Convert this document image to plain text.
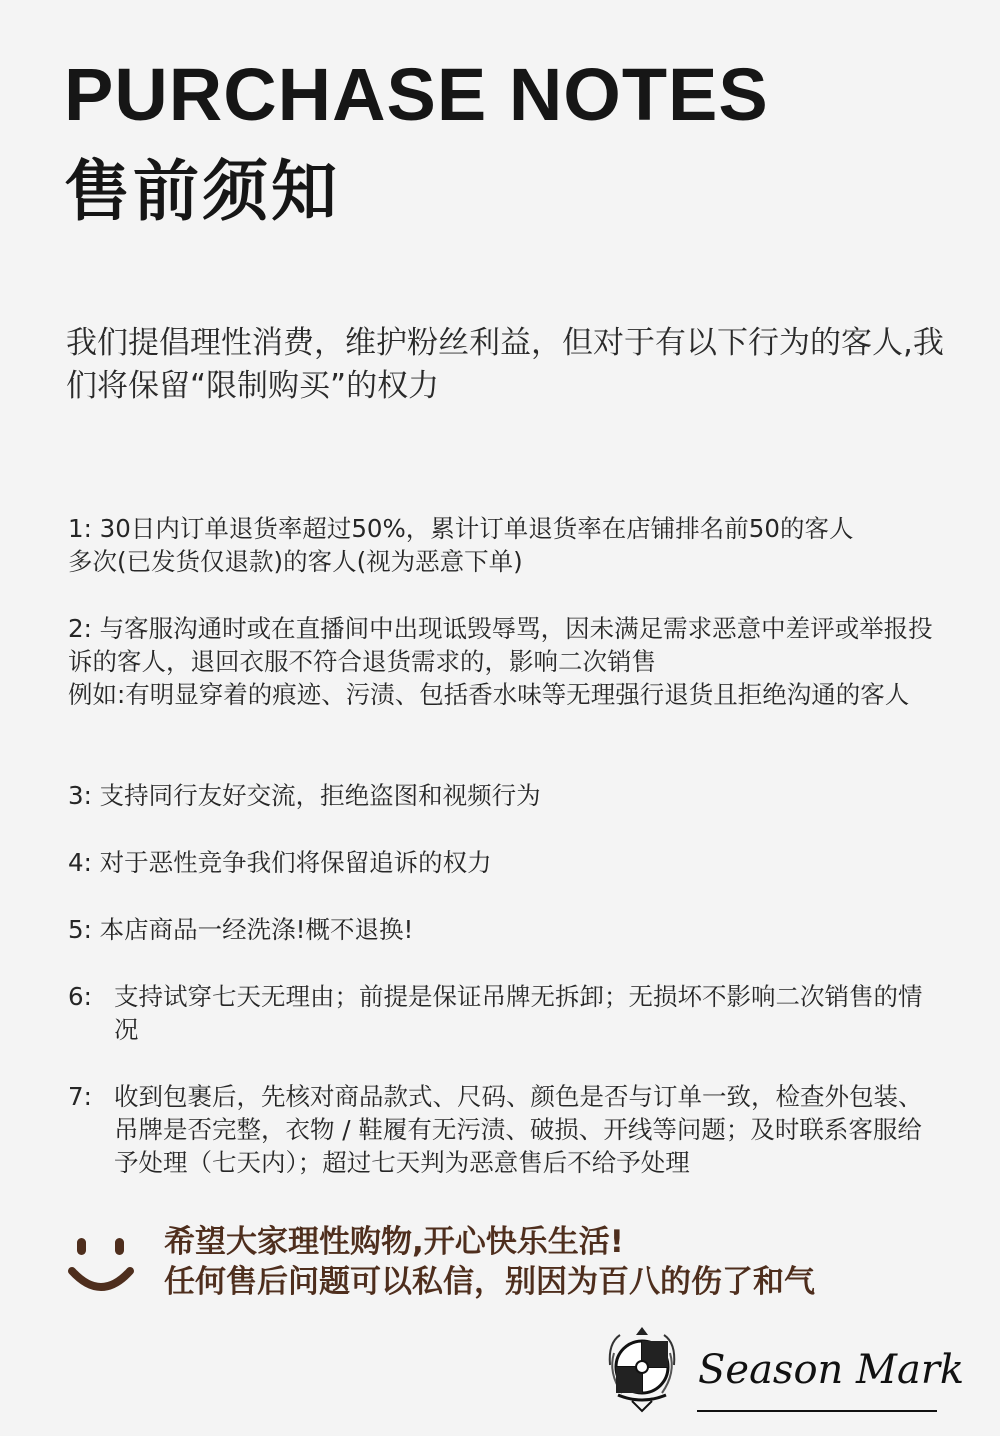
PURCHASE NOTES
售前须知

我们提倡理性消费，维护粉丝利益，但对于有以下行为的客人,我们将保留“限制购买”的权力

1: 30日内订单退货率超过50%，累计订单退货率在店铺排名前50的客人
多次(已发货仅退款)的客人(视为恶意下单)
2: 与客服沟通时或在直播间中出现诋毁辱骂，因未满足需求恶意中差评或举报投诉的客人，退回衣服不符合退货需求的，影响二次销售
例如:有明显穿着的痕迹、污渍、包括香水味等无理强行退货且拒绝沟通的客人
3: 支持同行友好交流，拒绝盗图和视频行为
4: 对于恶性竞争我们将保留追诉的权力
5: 本店商品一经洗涤!概不退换!
6: 支持试穿七天无理由；前提是保证吊牌无拆卸；无损坏不影响二次销售的情况
7: 收到包裹后，先核对商品款式、尺码、颜色是否与订单一致，检查外包装、吊牌是否完整，衣物 / 鞋履有无污渍、破损、开线等问题；及时联系客服给予处理（七天内）；超过七天判为恶意售后不给予处理
希望大家理性购物,开心快乐生活!
任何售后问题可以私信，别因为百八的伤了和气
Season Mark
